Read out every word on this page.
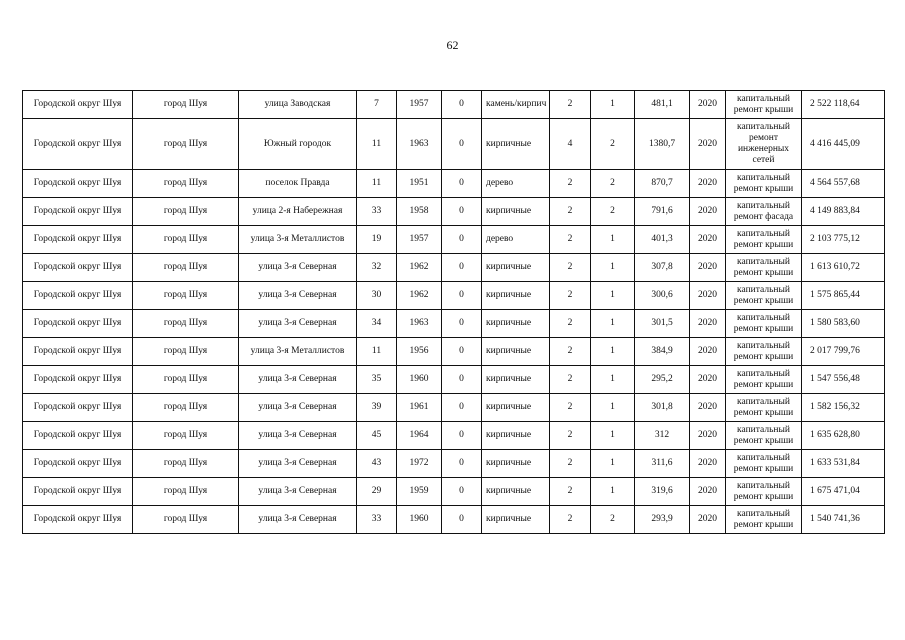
62
Городской округ Шуя	город Шуя	улица Заводская	7	1957	0	камень/кирпич	2	1	481,1	2020	капитальный ремонт крыши	2 522 118,64
Городской округ Шуя	город Шуя	Южный городок	11	1963	0	кирпичные	4	2	1380,7	2020	капитальный ремонт инженерных сетей	4 416 445,09
Городской округ Шуя	город Шуя	поселок Правда	11	1951	0	дерево	2	2	870,7	2020	капитальный ремонт крыши	4 564 557,68
Городской округ Шуя	город Шуя	улица 2-я Набережная	33	1958	0	кирпичные	2	2	791,6	2020	капитальный ремонт фасада	4 149 883,84
Городской округ Шуя	город Шуя	улица 3-я Металлистов	19	1957	0	дерево	2	1	401,3	2020	капитальный ремонт крыши	2 103 775,12
Городской округ Шуя	город Шуя	улица 3-я Северная	32	1962	0	кирпичные	2	1	307,8	2020	капитальный ремонт крыши	1 613 610,72
Городской округ Шуя	город Шуя	улица 3-я Северная	30	1962	0	кирпичные	2	1	300,6	2020	капитальный ремонт крыши	1 575 865,44
Городской округ Шуя	город Шуя	улица 3-я Северная	34	1963	0	кирпичные	2	1	301,5	2020	капитальный ремонт крыши	1 580 583,60
Городской округ Шуя	город Шуя	улица 3-я Металлистов	11	1956	0	кирпичные	2	1	384,9	2020	капитальный ремонт крыши	2 017 799,76
Городской округ Шуя	город Шуя	улица 3-я Северная	35	1960	0	кирпичные	2	1	295,2	2020	капитальный ремонт крыши	1 547 556,48
Городской округ Шуя	город Шуя	улица 3-я Северная	39	1961	0	кирпичные	2	1	301,8	2020	капитальный ремонт крыши	1 582 156,32
Городской округ Шуя	город Шуя	улица 3-я Северная	45	1964	0	кирпичные	2	1	312	2020	капитальный ремонт крыши	1 635 628,80
Городской округ Шуя	город Шуя	улица 3-я Северная	43	1972	0	кирпичные	2	1	311,6	2020	капитальный ремонт крыши	1 633 531,84
Городской округ Шуя	город Шуя	улица 3-я Северная	29	1959	0	кирпичные	2	1	319,6	2020	капитальный ремонт крыши	1 675 471,04
Городской округ Шуя	город Шуя	улица 3-я Северная	33	1960	0	кирпичные	2	2	293,9	2020	капитальный ремонт крыши	1 540 741,36
